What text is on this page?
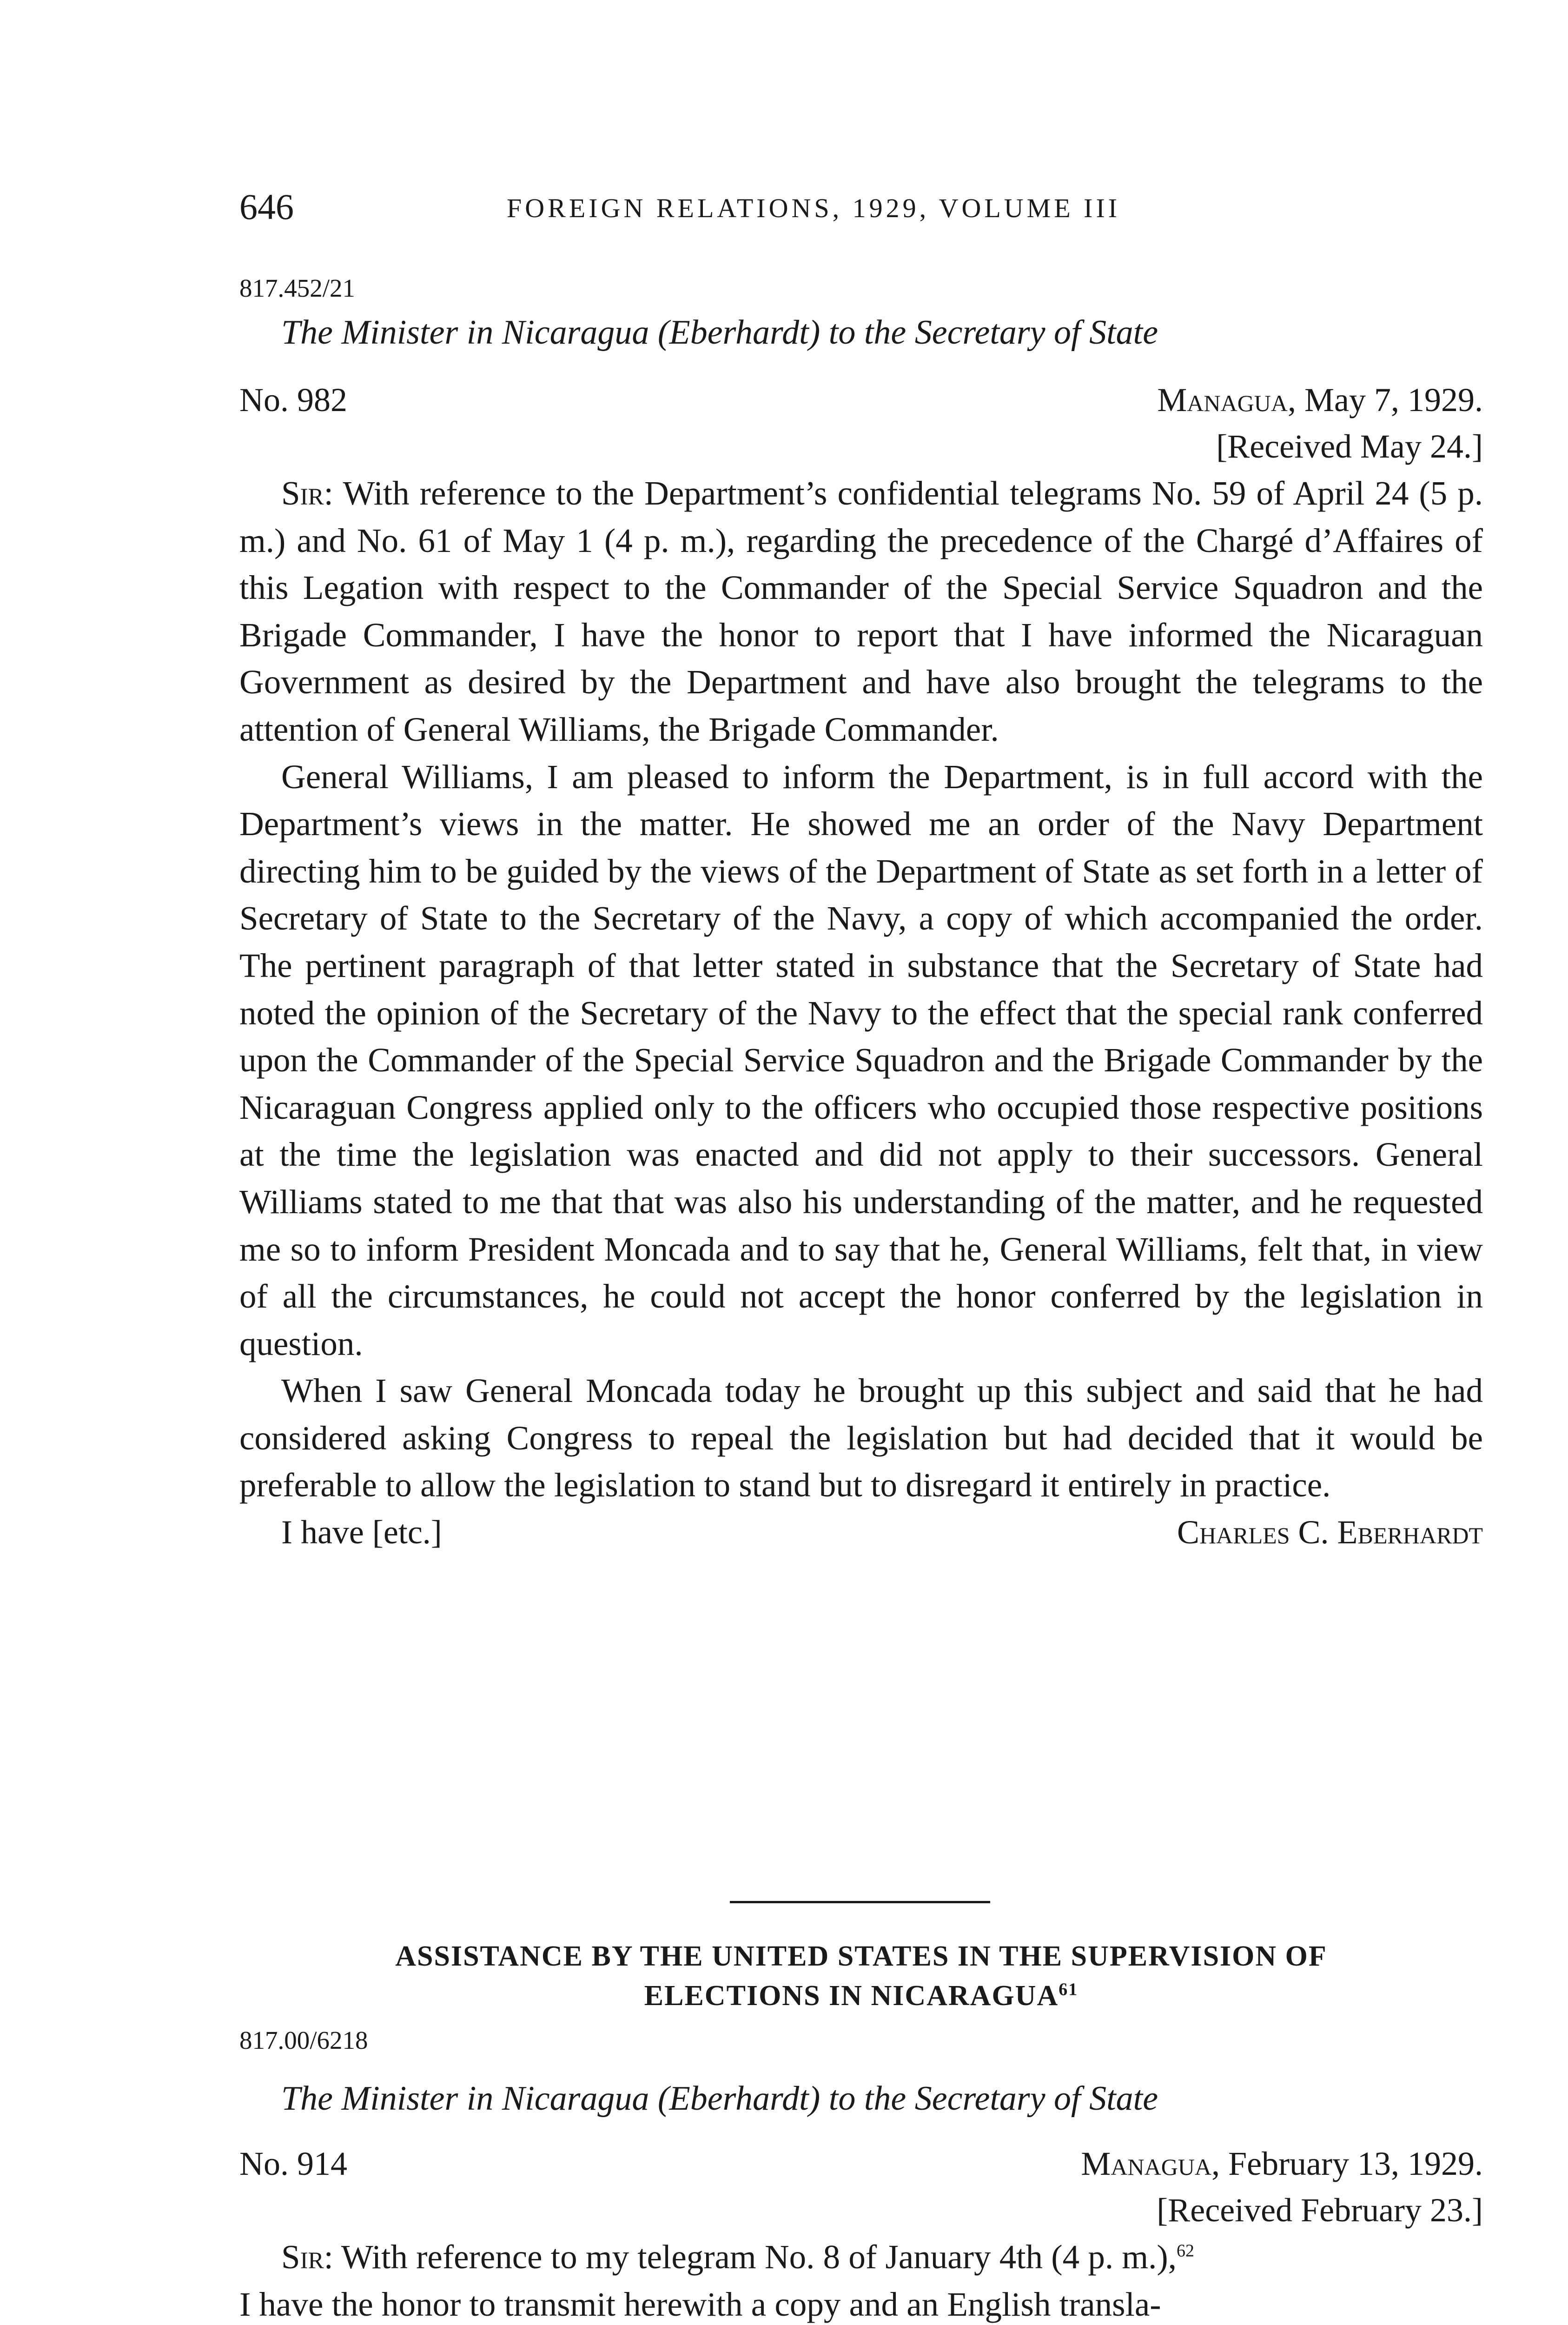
646	FOREIGN RELATIONS, 1929, VOLUME III

817.452/21

The Minister in Nicaragua (Eberhardt) to the Secretary of State

No. 982	Managua, May 7, 1929.
[Received May 24.]

Sir: With reference to the Department’s confidential telegrams No. 59 of April 24 (5 p. m.) and No. 61 of May 1 (4 p. m.), regarding the precedence of the Chargé d’Affaires of this Legation with respect to the Commander of the Special Service Squadron and the Brigade Commander, I have the honor to report that I have informed the Nicaraguan Government as desired by the Department and have also brought the telegrams to the attention of General Williams, the Brigade Commander.

General Williams, I am pleased to inform the Department, is in full accord with the Department’s views in the matter. He showed me an order of the Navy Department directing him to be guided by the views of the Department of State as set forth in a letter of Secretary of State to the Secretary of the Navy, a copy of which accompanied the order. The pertinent paragraph of that letter stated in substance that the Secretary of State had noted the opinion of the Secretary of the Navy to the effect that the special rank conferred upon the Commander of the Special Service Squadron and the Brigade Commander by the Nicaraguan Congress applied only to the officers who occupied those respective positions at the time the legislation was enacted and did not apply to their successors. General Williams stated to me that that was also his understanding of the matter, and he requested me so to inform President Moncada and to say that he, General Williams, felt that, in view of all the circumstances, he could not accept the honor conferred by the legislation in question.

When I saw General Moncada today he brought up this subject and said that he had considered asking Congress to repeal the legislation but had decided that it would be preferable to allow the legislation to stand but to disregard it entirely in practice.

I have [etc.]	Charles C. Eberhardt

ASSISTANCE BY THE UNITED STATES IN THE SUPERVISION OF

ELECTIONS IN NICARAGUA$^{61}$

817.00/6218

The Minister in Nicaragua (Eberhardt) to the Secretary of State

No. 914	Managua, February 13, 1929.
[Received February 23.]

Sir: With reference to my telegram No. 8 of January 4th (4 p. m.),$^{62}$

I have the honor to transmit herewith a copy and an English transla-
